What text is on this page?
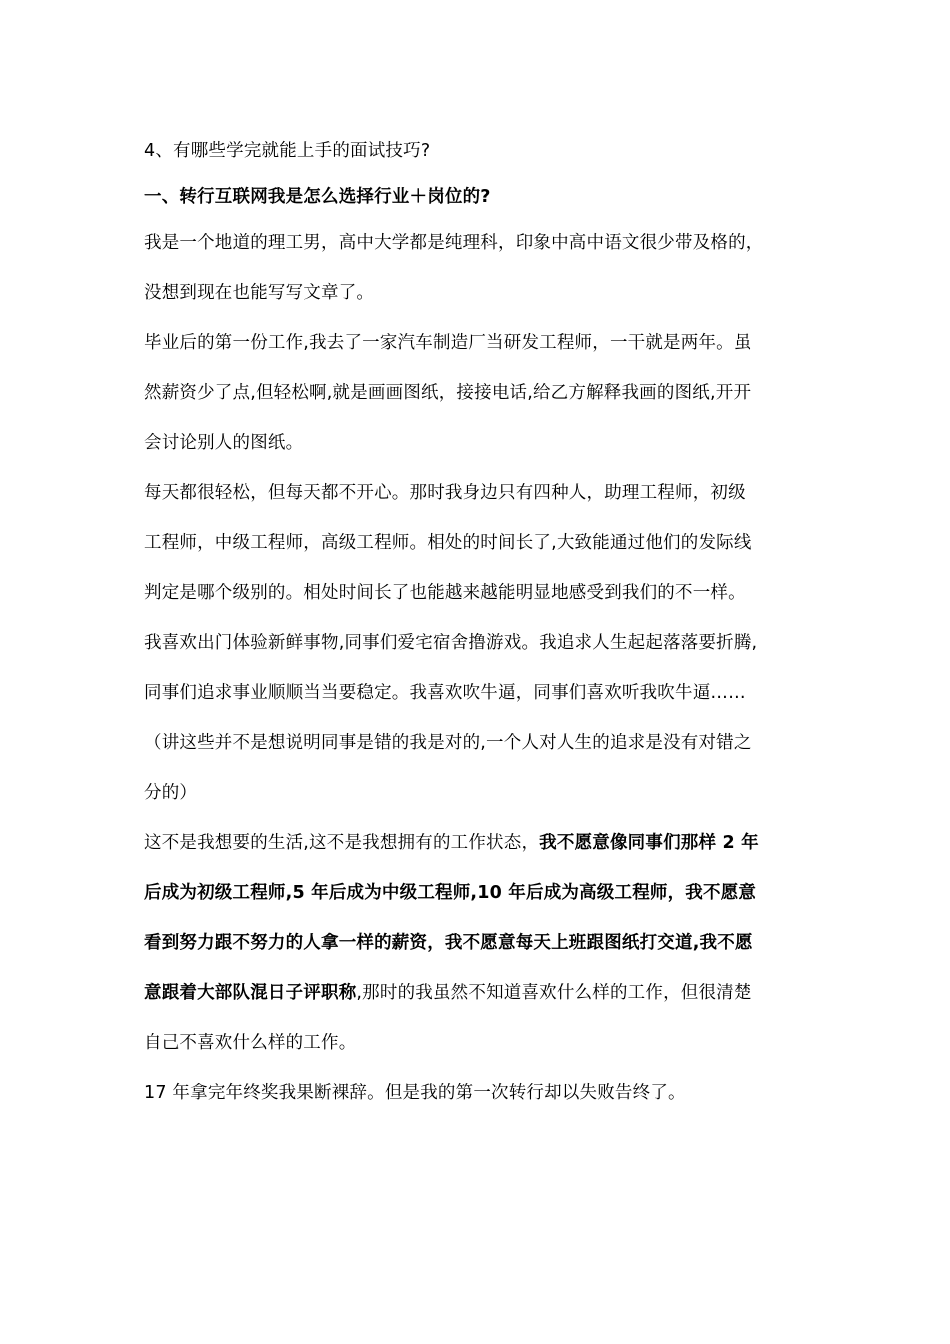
4、有哪些学完就能上手的面试技巧?
一、转行互联网我是怎么选择行业＋岗位的?
我是一个地道的理工男，高中大学都是纯理科，印象中高中语文很少带及格的，
没想到现在也能写写文章了。
毕业后的第一份工作,我去了一家汽车制造厂当研发工程师，一干就是两年。虽
然薪资少了点,但轻松啊,就是画画图纸，接接电话,给乙方解释我画的图纸,开开
会讨论别人的图纸。
每天都很轻松，但每天都不开心。那时我身边只有四种人，助理工程师，初级
工程师，中级工程师，高级工程师。相处的时间长了,大致能通过他们的发际线
判定是哪个级别的。相处时间长了也能越来越能明显地感受到我们的不一样。
我喜欢出门体验新鲜事物,同事们爱宅宿舍撸游戏。我追求人生起起落落要折腾,
同事们追求事业顺顺当当要稳定。我喜欢吹牛逼，同事们喜欢听我吹牛逼……
（讲这些并不是想说明同事是错的我是对的,一个人对人生的追求是没有对错之
分的）
这不是我想要的生活,这不是我想拥有的工作状态，我不愿意像同事们那样 2 年
后成为初级工程师,5 年后成为中级工程师,10 年后成为高级工程师，我不愿意
看到努力跟不努力的人拿一样的薪资，我不愿意每天上班跟图纸打交道,我不愿
意跟着大部队混日子评职称,那时的我虽然不知道喜欢什么样的工作，但很清楚
自己不喜欢什么样的工作。
17 年拿完年终奖我果断裸辞。但是我的第一次转行却以失败告终了。
